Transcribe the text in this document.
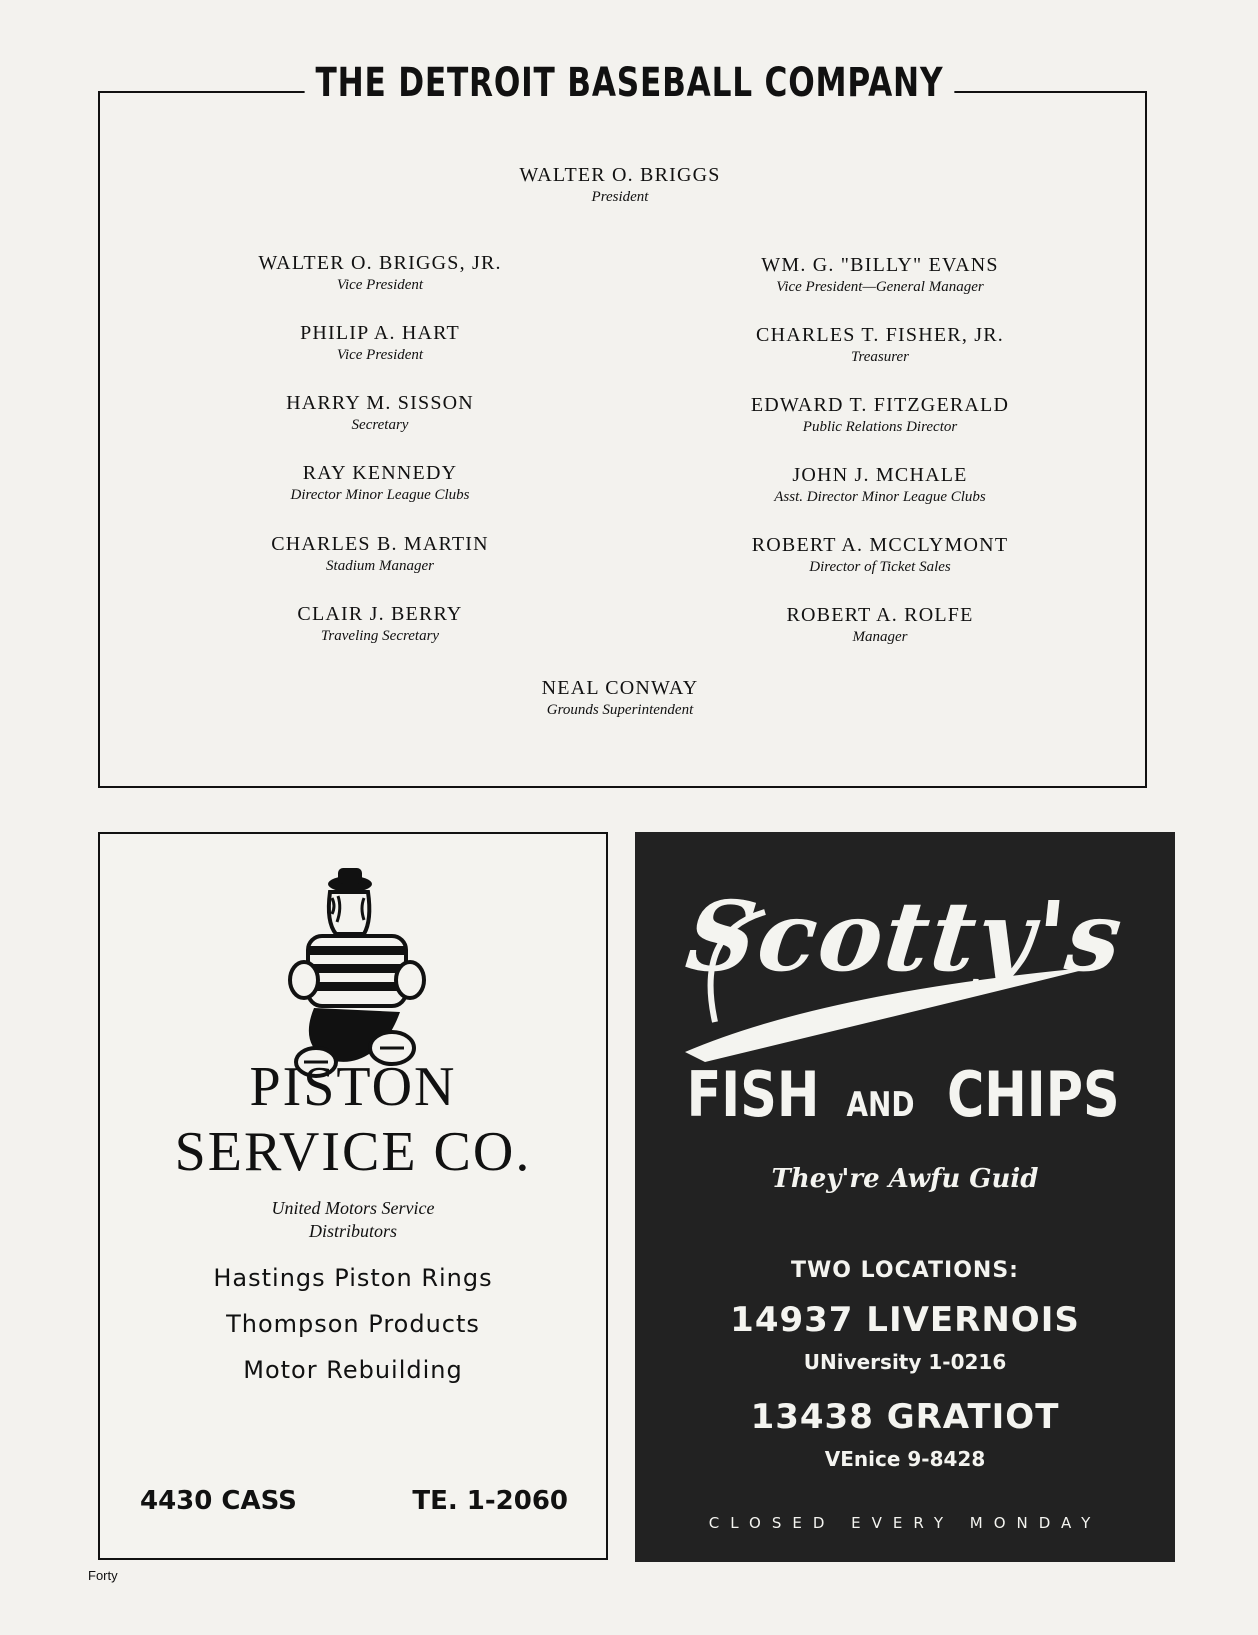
THE DETROIT BASEBALL COMPANY
WALTER O. BRIGGS
President
WALTER O. BRIGGS, JR.
Vice President
PHILIP A. HART
Vice President
HARRY M. SISSON
Secretary
RAY KENNEDY
Director Minor League Clubs
CHARLES B. MARTIN
Stadium Manager
CLAIR J. BERRY
Traveling Secretary
WM. G. "BILLY" EVANS
Vice President—General Manager
CHARLES T. FISHER, JR.
Treasurer
EDWARD T. FITZGERALD
Public Relations Director
JOHN J. MCHALE
Asst. Director Minor League Clubs
ROBERT A. MCCLYMONT
Director of Ticket Sales
ROBERT A. ROLFE
Manager
NEAL CONWAY
Grounds Superintendent
PISTON
SERVICE CO.
United Motors Service
Distributors
Hastings Piston Rings
Thompson Products
Motor Rebuilding
4430 CASS	TE. 1-2060
Scotty's
FISH AND CHIPS
They're Awfu Guid
TWO LOCATIONS:
14937 LIVERNOIS
UNiversity 1-0216
13438 GRATIOT
VEnice 9-8428
CLOSED EVERY MONDAY
Forty
